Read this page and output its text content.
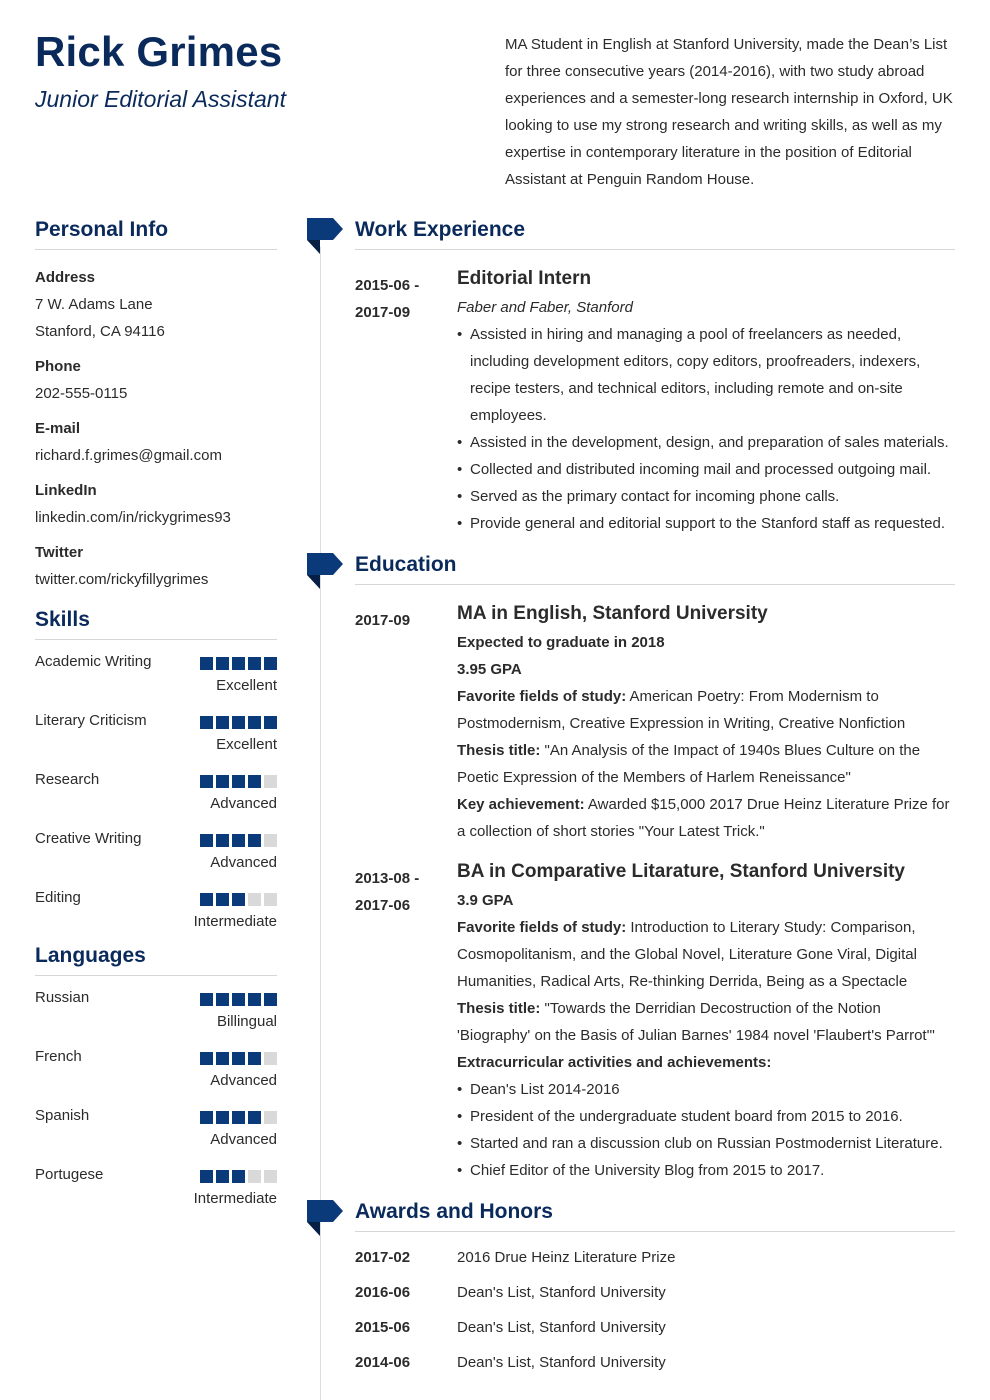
Rick Grimes
Junior Editorial Assistant
MA Student in English at Stanford University, made the Dean’s List for three consecutive years (2014-2016), with two study abroad experiences and a semester-long research internship in Oxford, UK looking to use my strong research and writing skills, as well as my expertise in contemporary literature in the position of Editorial Assistant at Penguin Random House.
Personal Info
Address
7 W. Adams Lane
Stanford, CA 94116
Phone
202-555-0115
E-mail
richard.f.grimes@gmail.com
LinkedIn
linkedin.com/in/rickygrimes93
Twitter
twitter.com/rickyfillygrimes
Skills
Academic Writing
Excellent
Literary Criticism
Excellent
Research
Advanced
Creative Writing
Advanced
Editing
Intermediate
Languages
Russian
Billingual
French
Advanced
Spanish
Advanced
Portugese
Intermediate
Work Experience
2015-06 -
2017-09
Editorial Intern
Faber and Faber, Stanford
• Assisted in hiring and managing a pool of freelancers as needed, including development editors, copy editors, proofreaders, indexers, recipe testers, and technical editors, including remote and on-site employees.
• Assisted in the development, design, and preparation of sales materials.
• Collected and distributed incoming mail and processed outgoing mail.
• Served as the primary contact for incoming phone calls.
• Provide general and editorial support to the Stanford staff as requested.
Education
2017-09	MA in English, Stanford University
Expected to graduate in 2018
3.95 GPA
Favorite fields of study: American Poetry: From Modernism to Postmodernism, Creative Expression in Writing, Creative Nonfiction
Thesis title: "An Analysis of the Impact of 1940s Blues Culture on the Poetic Expression of the Members of Harlem Reneissance"
Key achievement: Awarded $15,000 2017 Drue Heinz Literature Prize for a collection of short stories "Your Latest Trick."
2013-08 -
2017-06
BA in Comparative Litarature, Stanford University
3.9 GPA
Favorite fields of study: Introduction to Literary Study: Comparison, Cosmopolitanism, and the Global Novel, Literature Gone Viral, Digital Humanities, Radical Arts, Re-thinking Derrida, Being as a Spectacle
Thesis title: "Towards the Derridian Decostruction of the Notion 'Biography' on the Basis of Julian Barnes' 1984 novel 'Flaubert's Parrot'"
Extracurricular activities and achievements:
• Dean's List 2014-2016
• President of the undergraduate student board from 2015 to 2016.
• Started and ran a discussion club on Russian Postmodernist Literature.
• Chief Editor of the University Blog from 2015 to 2017.
Awards and Honors
2017-02	2016 Drue Heinz Literature Prize
2016-06	Dean's List, Stanford University
2015-06	Dean's List, Stanford University
2014-06	Dean's List, Stanford University
